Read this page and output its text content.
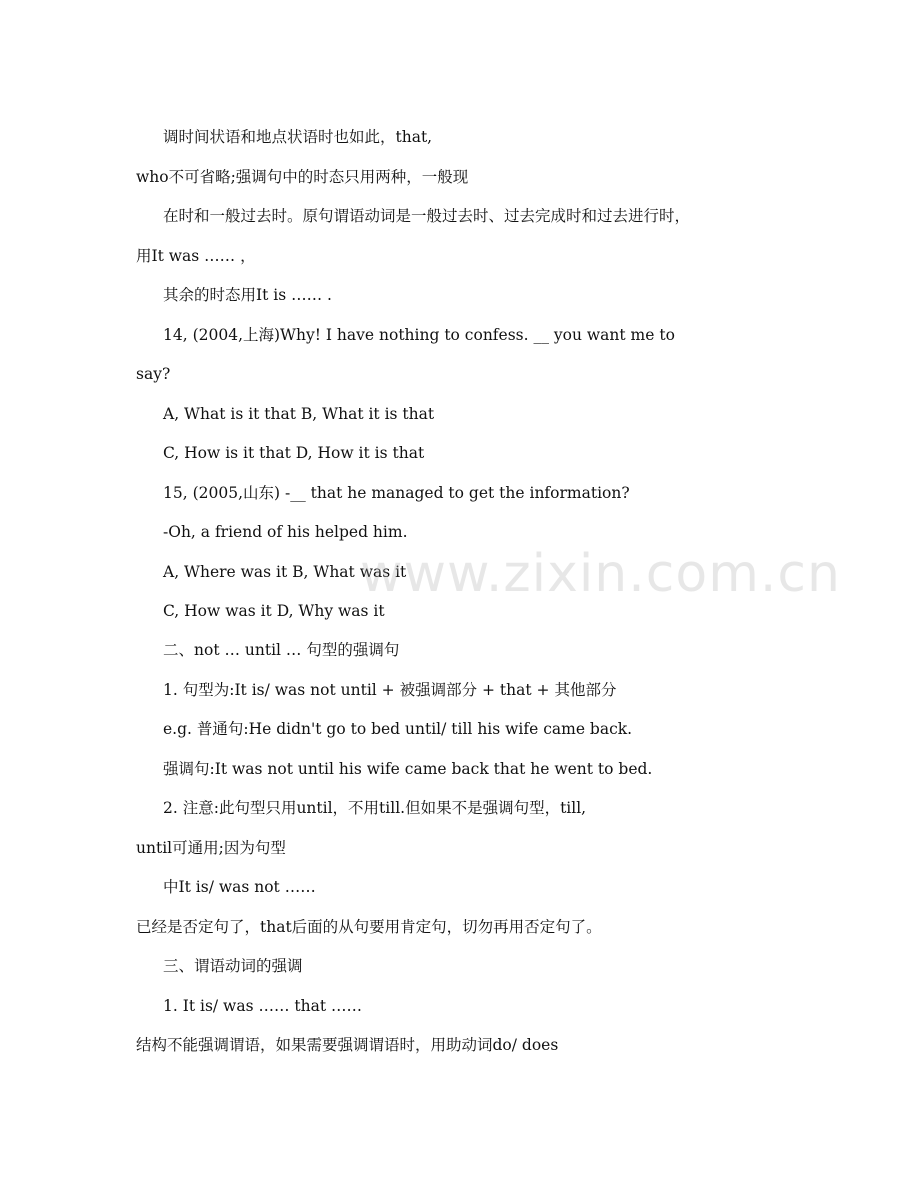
调时间状语和地点状语时也如此，that,
who不可省略;强调句中的时态只用两种，一般现
在时和一般过去时。原句谓语动词是一般过去时、过去完成时和过去进行时，
用It was …… ，
其余的时态用It is …… .
14, (2004,上海)Why! I have nothing to confess. __ you want me to
say?
A, What is it that B, What it is that
C, How is it that D, How it is that
15, (2005,山东) -__ that he managed to get the information?
-Oh, a friend of his helped him.
A, Where was it B, What was it
C, How was it D, Why was it
二、not … until … 句型的强调句
1. 句型为:It is/ was not until + 被强调部分 + that + 其他部分
e.g. 普通句:He didn't go to bed until/ till his wife came back.
强调句:It was not until his wife came back that he went to bed.
2. 注意:此句型只用until，不用till.但如果不是强调句型，till,
until可通用;因为句型
中It is/ was not ……
已经是否定句了，that后面的从句要用肯定句，切勿再用否定句了。
三、谓语动词的强调
1. It is/ was …… that ……
结构不能强调谓语，如果需要强调谓语时，用助动词do/ does
www.zixin.com.cn
